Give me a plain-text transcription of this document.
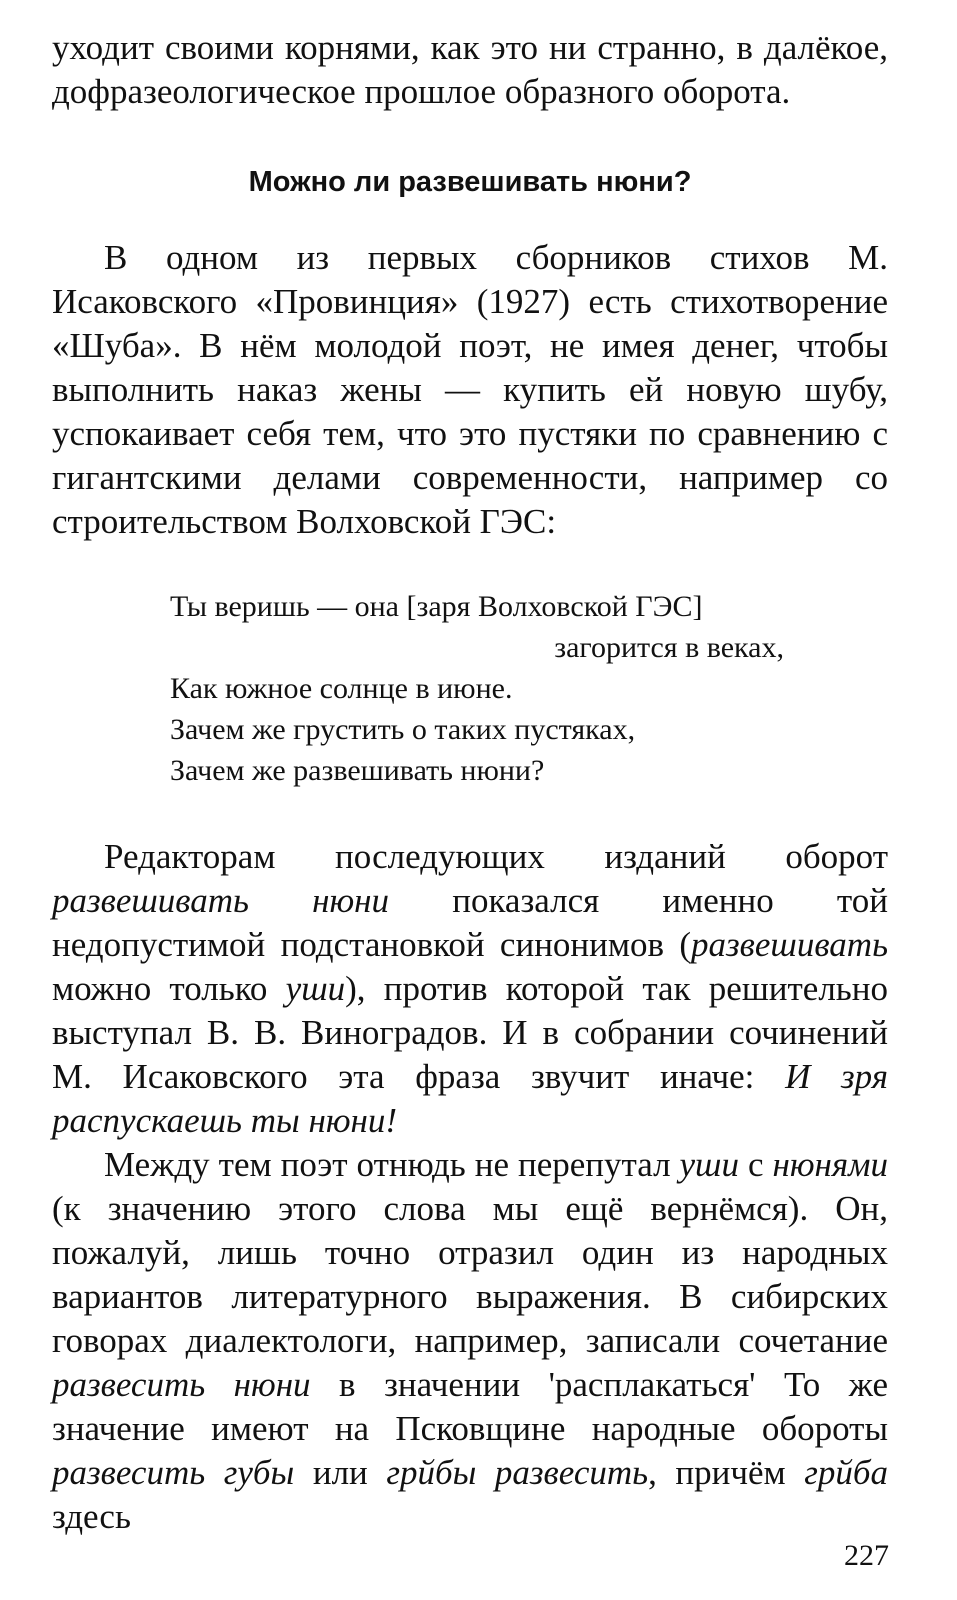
уходит своими корнями, как это ни странно, в далёкое, дофразеологическое прошлое образного оборота.

Можно ли развешивать нюни?

В одном из первых сборников стихов М. Исаковского «Провинция» (1927) есть стихотворение «Шуба». В нём молодой поэт, не имея денег, чтобы выполнить наказ жены — купить ей новую шубу, успокаивает себя тем, что это пустяки по сравнению с гигантскими делами современности, например со строительством Волховской ГЭС:

Ты веришь — она [заря Волховской ГЭС]
загорится в веках,
Как южное солнце в июне.
Зачем же грустить о таких пустяках,
Зачем же развешивать нюни?

Редакторам последующих изданий оборот развешивать нюни показался именно той недопустимой подстановкой синонимов (развешивать можно только уши), против которой так решительно выступал В. В. Виноградов. И в собрании сочинений М. Исаковского эта фраза звучит иначе: И зря распускаешь ты нюни!

Между тем поэт отнюдь не перепутал уши с нюнями (к значению этого слова мы ещё вернёмся). Он, пожалуй, лишь точно отразил один из народных вариантов литературного выражения. В сибирских говорах диалектологи, например, записали сочетание развесить нюни в значении 'расплакаться' То же значение имеют на Псковщине народные обороты развесить губы или грйбы развесить, причём грйба здесь

227
